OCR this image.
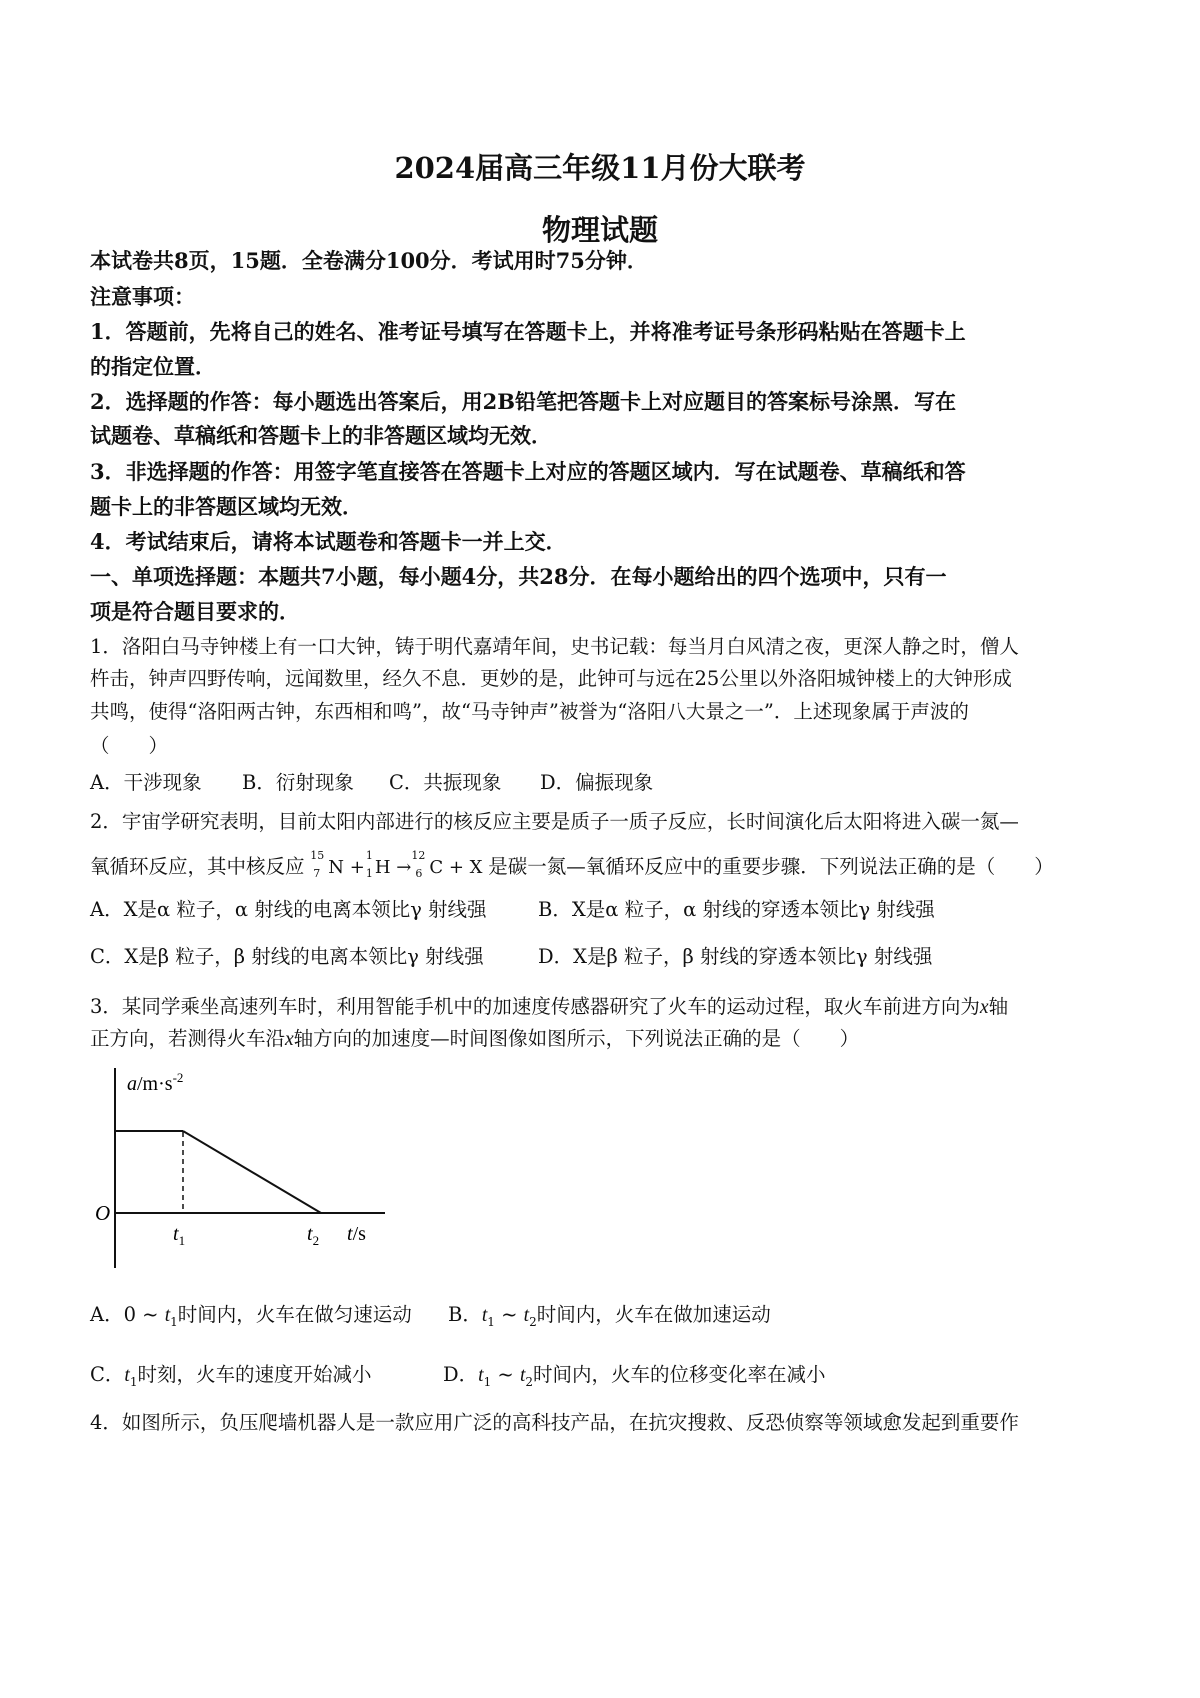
2024届高三年级11月份大联考
物理试题
本试卷共8页，15题．全卷满分100分．考试用时75分钟．
注意事项：
1．答题前，先将自己的姓名、准考证号填写在答题卡上，并将准考证号条形码粘贴在答题卡上
的指定位置．
2．选择题的作答：每小题选出答案后，用2B铅笔把答题卡上对应题目的答案标号涂黑．写在
试题卷、草稿纸和答题卡上的非答题区域均无效．
3．非选择题的作答：用签字笔直接答在答题卡上对应的答题区域内．写在试题卷、草稿纸和答
题卡上的非答题区域均无效．
4．考试结束后，请将本试题卷和答题卡一并上交．
一、单项选择题：本题共7小题，每小题4分，共28分．在每小题给出的四个选项中，只有一
项是符合题目要求的．
1．洛阳白马寺钟楼上有一口大钟，铸于明代嘉靖年间，史书记载：每当月白风清之夜，更深人静之时，僧人
杵击，钟声四野传响，远闻数里，经久不息．更妙的是，此钟可与远在25公里以外洛阳城钟楼上的大钟形成
共鸣，使得“洛阳两古钟，东西相和鸣”，故“马寺钟声”被誉为“洛阳八大景之一”．上述现象属于声波的
（　　）
A．干涉现象 B．衍射现象 C．共振现象 D．偏振现象
2．宇宙学研究表明，目前太阳内部进行的核反应主要是质子一质子反应，长时间演化后太阳将进入碳一氮—
氧循环反应，其中核反应 15
7 N +
1
1 H →
12
6 C + X 是碳一氮—氧循环反应中的重要步骤．下列说法正确的是（　　）
A．X是α 粒子，α 射线的电离本领比γ 射线强	B．X是α 粒子，α 射线的穿透本领比γ 射线强
C．X是β 粒子，β 射线的电离本领比γ 射线强	D．X是β 粒子，β 射线的穿透本领比γ 射线强
3．某同学乘坐高速列车时，利用智能手机中的加速度传感器研究了火车的运动过程，取火车前进方向为x轴
正方向，若测得火车沿x轴方向的加速度—时间图像如图所示，下列说法正确的是（　　）
$a/m\cdot s^{-2}$
O
$t_1$	$t_2$ t/s
A．0 ~ $t_1$时间内，火车在做匀速运动 B．$t_1$ ~ $t_2$时间内，火车在做加速运动
C．$t_1$时刻，火车的速度开始减小	D．$t_1$ ~ $t_2$时间内，火车的位移变化率在减小
4．如图所示，负压爬墙机器人是一款应用广泛的高科技产品，在抗灾搜救、反恐侦察等领域愈发起到重要作
